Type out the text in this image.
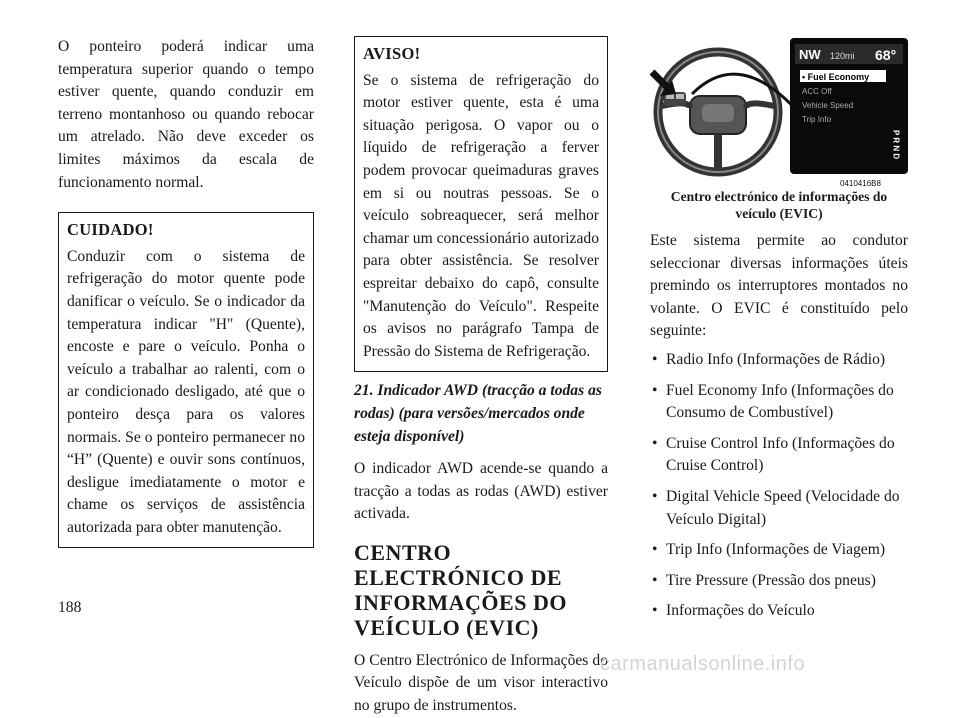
O ponteiro poderá indicar uma temperatura superior quando o tempo estiver quente, quando conduzir em terreno montanhoso ou quando rebocar um atrelado. Não deve exceder os limites máximos da escala de funcionamento normal.

CUIDADO!

Conduzir com o sistema de refrigeração do motor quente pode danificar o veículo. Se o indicador da temperatura indicar "H" (Quente), encoste e pare o veículo. Ponha o veículo a trabalhar ao ralenti, com o ar condicionado desligado, até que o ponteiro desça para os valores normais. Se o ponteiro permanecer no “H” (Quente) e ouvir sons contínuos, desligue imediatamente o motor e chame os serviços de assistência autorizada para obter manutenção.

AVISO!

Se o sistema de refrigeração do motor estiver quente, esta é uma situação perigosa. O vapor ou o líquido de refrigeração a ferver podem provocar queimaduras graves em si ou noutras pessoas. Se o veículo sobreaquecer, será melhor chamar um concessionário autorizado para obter assistência. Se resolver espreitar debaixo do capô, consulte "Manutenção do Veículo". Respeite os avisos no parágrafo Tampa de Pressão do Sistema de Refrigeração.

21. Indicador AWD (tracção a todas as rodas) (para versões/mercados onde esteja disponível)

O indicador AWD acende-se quando a tracção a todas as rodas (AWD) estiver activada.

CENTRO ELECTRÓNICO DE INFORMAÇÕES DO VEÍCULO (EVIC)

O Centro Electrónico de Informações do Veículo dispõe de um visor interactivo no grupo de instrumentos.

NW 120mi 68°
• Fuel Economy
ACC Off
Vehicle Speed
Trip Info
P R N D
0410416B8

Centro electrónico de informações do veículo (EVIC)

Este sistema permite ao condutor seleccionar diversas informações úteis premindo os interruptores montados no volante. O EVIC é constituído pelo seguinte:

• Radio Info (Informações de Rádio)
• Fuel Economy Info (Informações do Consumo de Combustível)
• Cruise Control Info (Informações do Cruise Control)
• Digital Vehicle Speed (Velocidade do Veículo Digital)
• Trip Info (Informações de Viagem)
• Tire Pressure (Pressão dos pneus)
• Informações do Veículo
188
carmanualsonline.info
